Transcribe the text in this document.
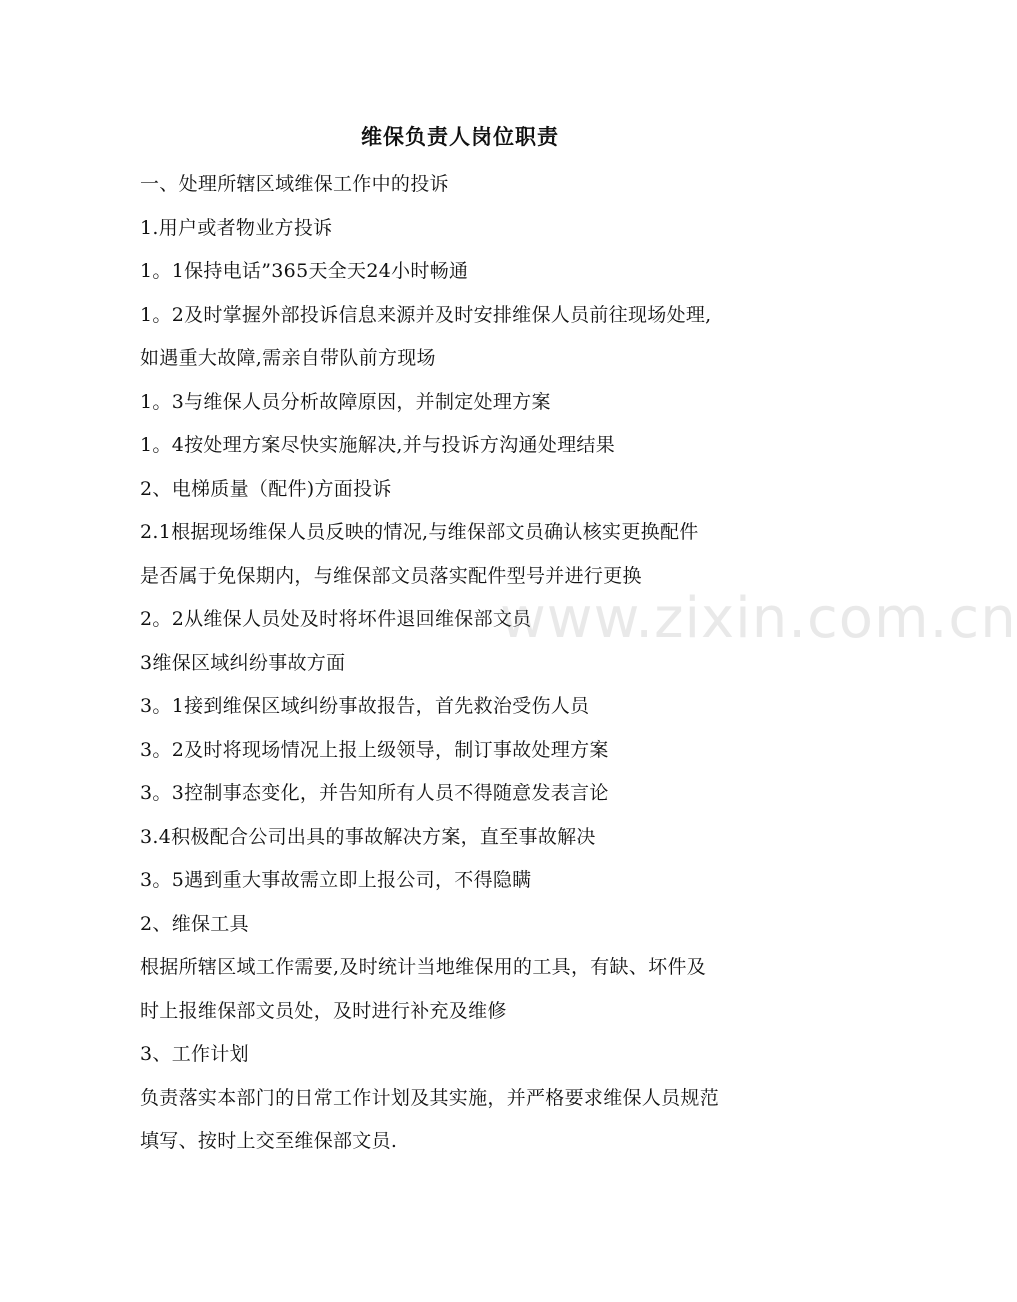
维保负责人岗位职责
一、处理所辖区域维保工作中的投诉
1.用户或者物业方投诉
1。1保持电话”365天全天24小时畅通
1。2及时掌握外部投诉信息来源并及时安排维保人员前往现场处理,
如遇重大故障,需亲自带队前方现场
1。3与维保人员分析故障原因，并制定处理方案
1。4按处理方案尽快实施解决,并与投诉方沟通处理结果
2、电梯质量（配件)方面投诉
2.1根据现场维保人员反映的情况,与维保部文员确认核实更换配件
是否属于免保期内，与维保部文员落实配件型号并进行更换
2。2从维保人员处及时将坏件退回维保部文员
3维保区域纠纷事故方面
3。1接到维保区域纠纷事故报告，首先救治受伤人员
3。2及时将现场情况上报上级领导，制订事故处理方案
3。3控制事态变化，并告知所有人员不得随意发表言论
3.4积极配合公司出具的事故解决方案，直至事故解决
3。5遇到重大事故需立即上报公司，不得隐瞒
2、维保工具
根据所辖区域工作需要,及时统计当地维保用的工具，有缺、坏件及
时上报维保部文员处，及时进行补充及维修
3、工作计划
负责落实本部门的日常工作计划及其实施，并严格要求维保人员规范
填写、按时上交至维保部文员.
www.zixin.com.cn
